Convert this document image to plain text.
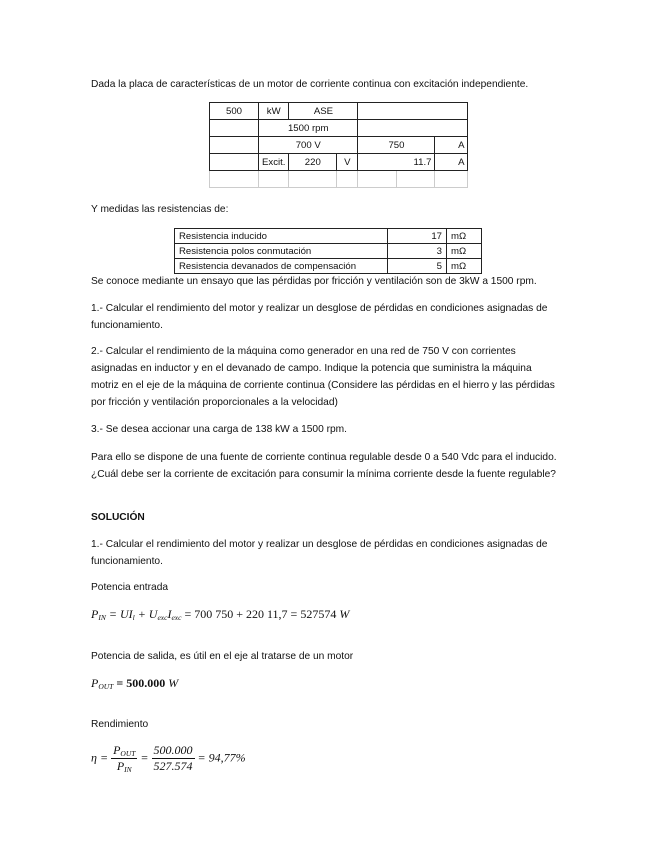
Dada la placa de características de un motor de corriente continua con excitación independiente.
500	kW	ASE				
	1500 rpm					
	700 V			750		A
	Excit.	220	V	11.7		A

Y medidas las resistencias de:
Resistencia inducido	17	mΩ
Resistencia polos conmutación	3	mΩ
Resistencia devanados de compensación	5	mΩ
Se conoce mediante un ensayo que las pérdidas por fricción y ventilación son de 3kW a 1500 rpm.
1.- Calcular el rendimiento del motor y realizar un desglose de pérdidas en condiciones asignadas de funcionamiento.
2.- Calcular el rendimiento de la máquina como generador en una red de 750 V con corrientes asignadas en inductor y en el devanado de campo. Indique la potencia que suministra la máquina motriz en el eje de la máquina de corriente continua (Considere las pérdidas en el hierro y las pérdidas por fricción y ventilación proporcionales a la velocidad)
3.- Se desea accionar una carga de 138 kW a 1500 rpm.
Para ello se dispone de una fuente de corriente continua regulable desde 0 a 540 Vdc para el inducido. ¿Cuál debe ser la corriente de excitación para consumir la mínima corriente desde la fuente regulable?
SOLUCIÓN
1.- Calcular el rendimiento del motor y realizar un desglose de pérdidas en condiciones asignadas de funcionamiento.
Potencia entrada
$P_{IN} = UI_l + U_{exc}I_{exc} = 700$ 750 + 220 11,7 = 527574 W
Potencia de salida, es útil en el eje al tratarse de un motor
$P_{OUT} = 500.000$ W
Rendimiento
$\eta = \frac{P_{OUT}}{P_{IN}} = \frac{500.000}{527.574} = 94,77\%$
